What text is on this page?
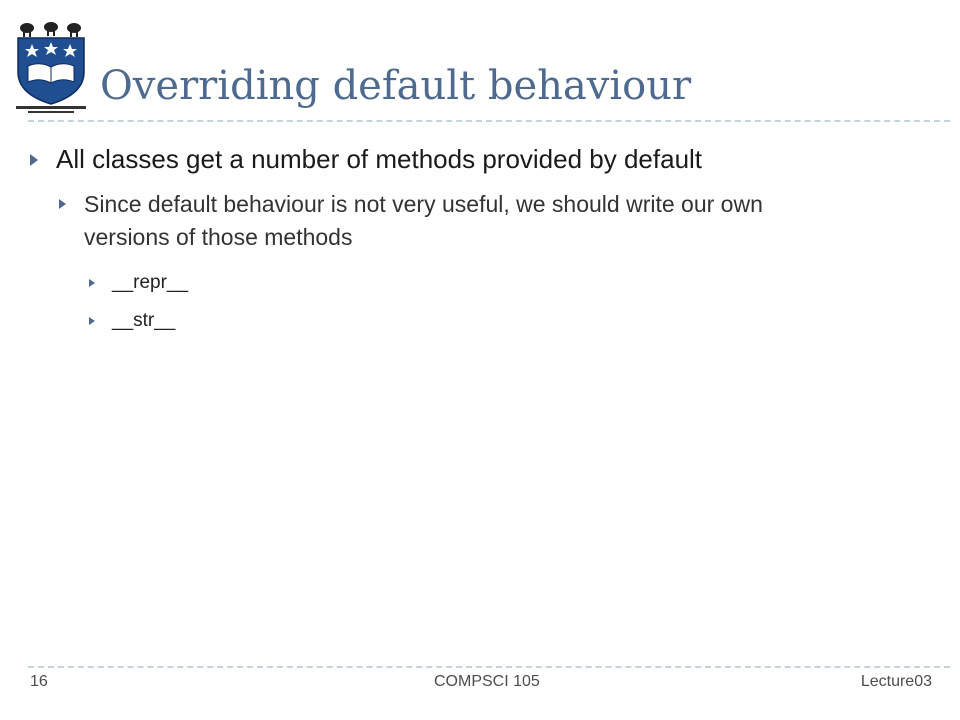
Overriding default behaviour
All classes get a number of methods provided by default
Since default behaviour is not very useful, we should write our own
versions of those methods
__repr__
__str__
16	COMPSCI 105	Lecture03
